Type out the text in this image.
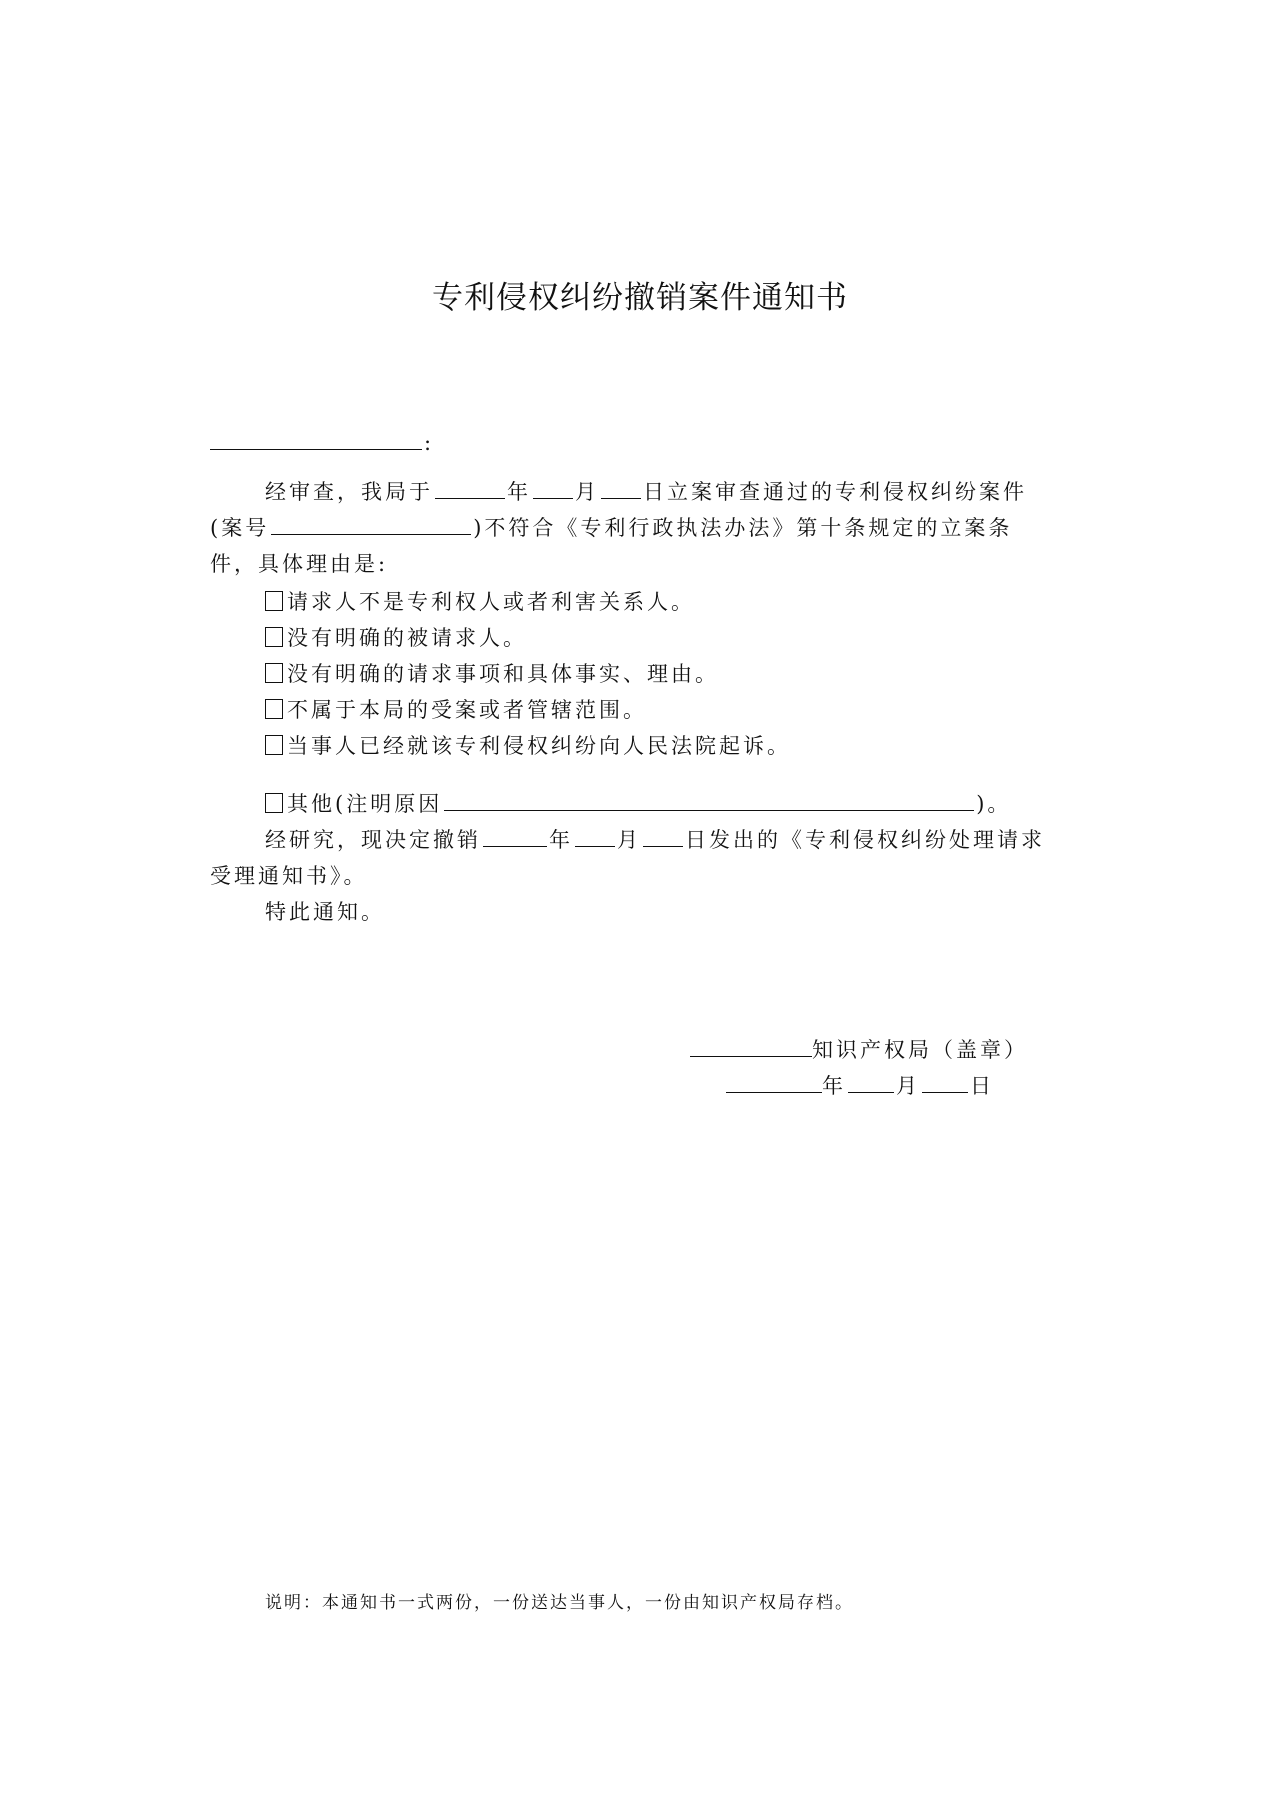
专利侵权纠纷撤销案件通知书
:
经审查，我局于	年 月 日立案审查通过的专利侵权纠纷案件
(案号	)不符合《专利行政执法办法》第十条规定的立案条
件，具体理由是:
请求人不是专利权人或者利害关系人。
没有明确的被请求人。
没有明确的请求事项和具体事实、理由。
不属于本局的受案或者管辖范围。
当事人已经就该专利侵权纠纷向人民法院起诉。
其他(注明原因	)。
经研究，现决定撤销	年 月 日发出的《专利侵权纠纷处理请求
受理通知书》。
特此通知。
知识产权局（盖章）
年 月 日
说明：本通知书一式两份，一份送达当事人，一份由知识产权局存档。
